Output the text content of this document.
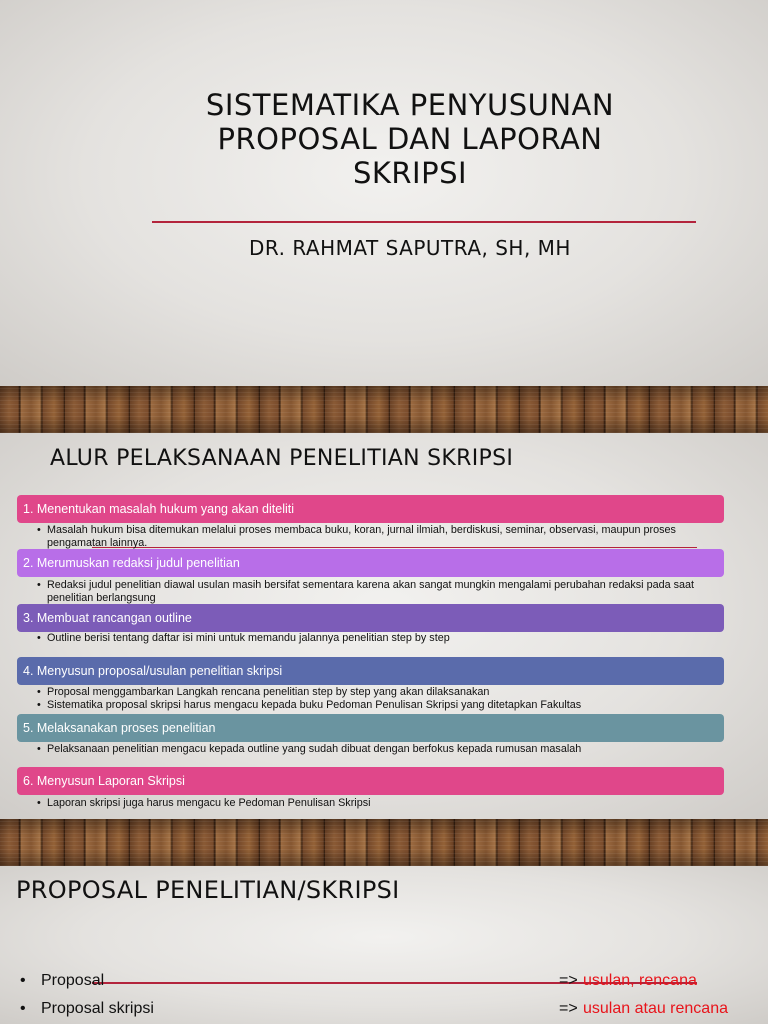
SISTEMATIKA PENYUSUNAN
PROPOSAL DAN LAPORAN
SKRIPSI
DR. RAHMAT SAPUTRA, SH, MH
ALUR PELAKSANAAN PENELITIAN SKRIPSI
1. Menentukan masalah hukum yang akan diteliti
• Masalah hukum bisa ditemukan melalui proses membaca buku, koran, jurnal ilmiah, berdiskusi, seminar, observasi, maupun proses pengamatan lainnya.
2. Merumuskan redaksi judul penelitian
• Redaksi judul penelitian diawal usulan masih bersifat sementara karena akan sangat mungkin mengalami perubahan redaksi pada saat penelitian berlangsung
3. Membuat rancangan outline
• Outline berisi tentang daftar isi mini untuk memandu jalannya penelitian step by step
4. Menyusun proposal/usulan penelitian skripsi
• Proposal menggambarkan Langkah rencana penelitian step by step yang akan dilaksanakan
• Sistematika proposal skripsi harus mengacu kepada buku Pedoman Penulisan Skripsi yang ditetapkan Fakultas
5. Melaksanakan proses penelitian
• Pelaksanaan penelitian mengacu kepada outline yang sudah dibuat dengan berfokus kepada rumusan masalah
6. Menyusun Laporan Skripsi
• Laporan skripsi juga harus mengacu ke Pedoman Penulisan Skripsi
PROPOSAL PENELITIAN/SKRIPSI
• Proposal	=> usulan, rencana
• Proposal skripsi	=> usulan atau rencana
